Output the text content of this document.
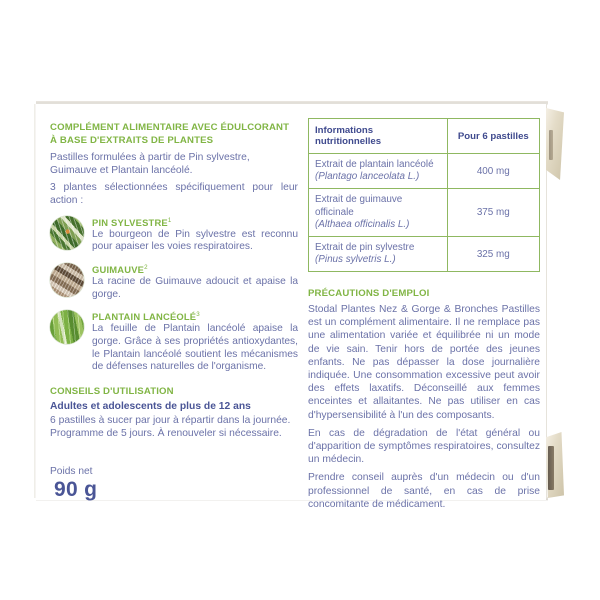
COMPLÉMENT ALIMENTAIRE AVEC ÉDULCORANT
À BASE D'EXTRAITS DE PLANTES
Pastilles formulées à partir de Pin sylvestre, Guimauve et Plantain lancéolé.
3 plantes sélectionnées spécifiquement pour leur action :
PIN SYLVESTRE$^1$
Le bourgeon de Pin sylvestre est reconnu pour apaiser les voies respiratoires.
GUIMAUVE$^2$
La racine de Guimauve adoucit et apaise la gorge.
PLANTAIN LANCÉOLÉ$^3$
La feuille de Plantain lancéolé apaise la gorge. Grâce à ses propriétés antioxydantes, le Plantain lancéolé soutient les mécanismes de défenses naturelles de l'organisme.
CONSEILS D'UTILISATION
Adultes et adolescents de plus de 12 ans
6 pastilles à sucer par jour à répartir dans la journée. Programme de 5 jours. À renouveler si nécessaire.
Poids net
90 g
Informations nutritionnelles	Pour 6 pastilles
Extrait de plantain lancéolé
(Plantago lanceolata L.)	400 mg
Extrait de guimauve officinale
(Althaea officinalis L.)	375 mg
Extrait de pin sylvestre
(Pinus sylvetris L.)	325 mg
PRÉCAUTIONS D'EMPLOI

Stodal Plantes Nez & Gorge & Bronches Pastilles est un complément alimentaire. Il ne remplace pas une alimentation variée et équilibrée ni un mode de vie sain. Tenir hors de portée des jeunes enfants. Ne pas dépasser la dose journalière indiquée. Une consommation excessive peut avoir des effets laxatifs. Déconseillé aux femmes enceintes et allaitantes. Ne pas utiliser en cas d'hypersensibilité à l'un des composants.

En cas de dégradation de l'état général ou d'apparition de symptômes respiratoires, consultez un médecin.

Prendre conseil auprès d'un médecin ou d'un professionnel de santé, en cas de prise concomitante de médicament.
